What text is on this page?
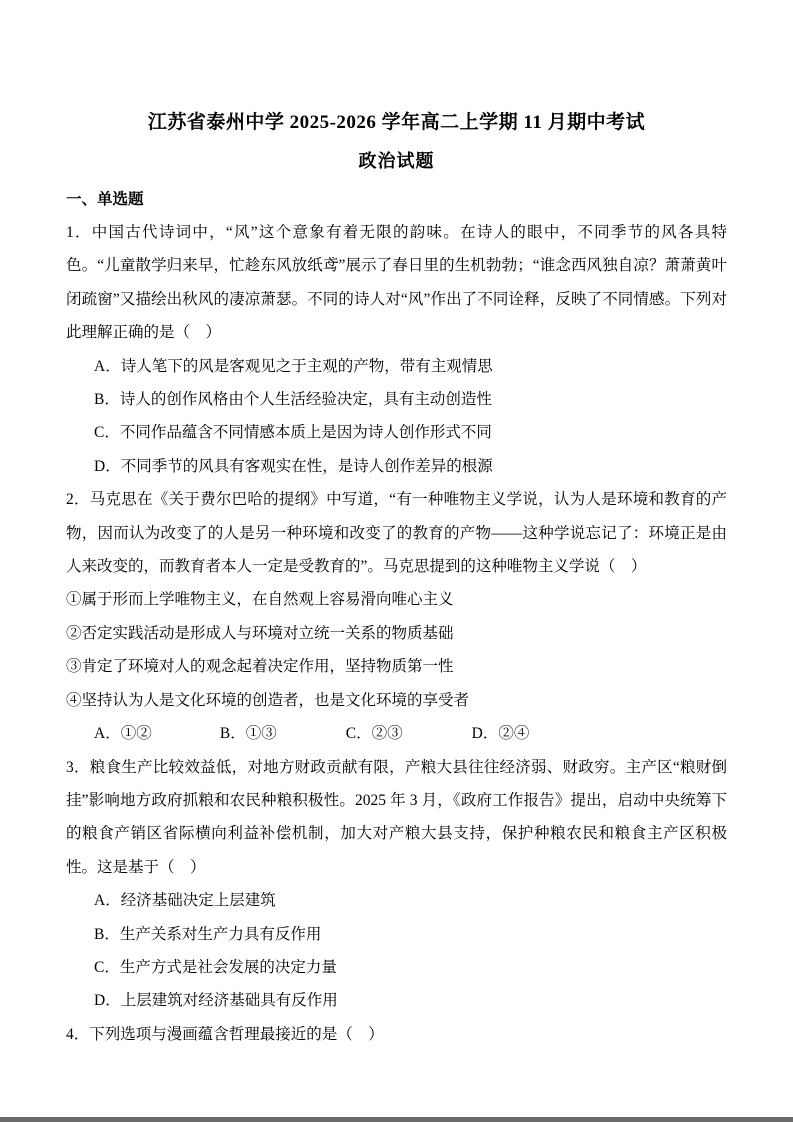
江苏省泰州中学 2025-2026 学年高二上学期 11 月期中考试
政治试题
一、单选题

1．中国古代诗词中，“风”这个意象有着无限的韵味。在诗人的眼中，不同季节的风各具特色。“儿童散学归来早，忙趁东风放纸鸢”展示了春日里的生机勃勃；“谁念西风独自凉？萧萧黄叶闭疏窗”又描绘出秋风的凄凉萧瑟。不同的诗人对“风”作出了不同诠释，反映了不同情感。下列对此理解正确的是（　）

A．诗人笔下的风是客观见之于主观的产物，带有主观情思
B．诗人的创作风格由个人生活经验决定，具有主动创造性
C．不同作品蕴含不同情感本质上是因为诗人创作形式不同
D．不同季节的风具有客观实在性，是诗人创作差异的根源

2．马克思在《关于费尔巴哈的提纲》中写道，“有一种唯物主义学说，认为人是环境和教育的产物，因而认为改变了的人是另一种环境和改变了的教育的产物——这种学说忘记了：环境正是由人来改变的，而教育者本人一定是受教育的”。马克思提到的这种唯物主义学说（　）

①属于形而上学唯物主义，在自然观上容易滑向唯心主义
②否定实践活动是形成人与环境对立统一关系的物质基础
③肯定了环境对人的观念起着决定作用，坚持物质第一性
④坚持认为人是文化环境的创造者，也是文化环境的享受者
A．①②	B．①③	C．②③	D．②④

3．粮食生产比较效益低，对地方财政贡献有限，产粮大县往往经济弱、财政穷。主产区“粮财倒挂”影响地方政府抓粮和农民种粮积极性。2025 年 3 月，《政府工作报告》提出，启动中央统筹下的粮食产销区省际横向利益补偿机制，加大对产粮大县支持，保护种粮农民和粮食主产区积极性。这是基于（　）

A．经济基础决定上层建筑
B．生产关系对生产力具有反作用
C．生产方式是社会发展的决定力量
D．上层建筑对经济基础具有反作用

4．下列选项与漫画蕴含哲理最接近的是（　）
